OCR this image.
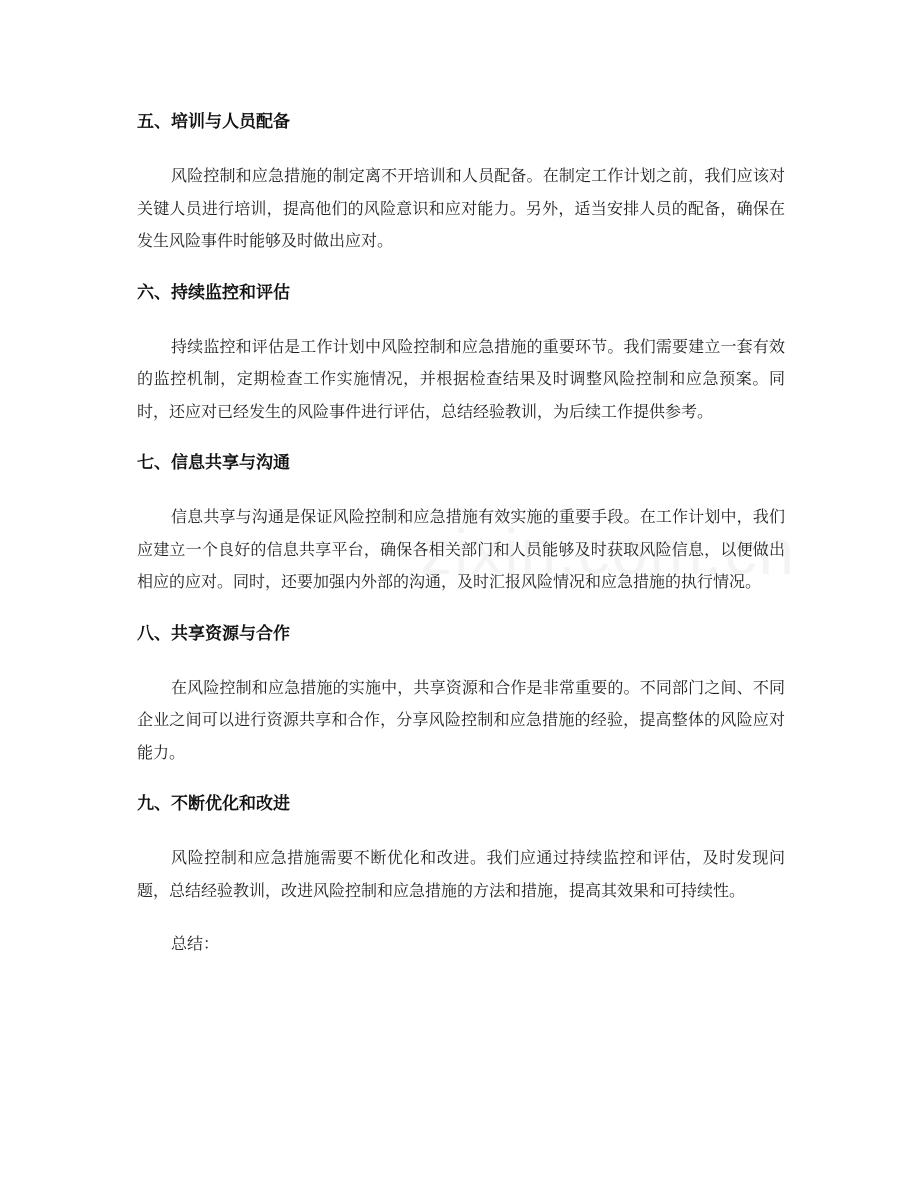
五、培训与人员配备

风险控制和应急措施的制定离不开培训和人员配备。在制定工作计划之前，我们应该对关键人员进行培训，提高他们的风险意识和应对能力。另外，适当安排人员的配备，确保在发生风险事件时能够及时做出应对。

六、持续监控和评估

持续监控和评估是工作计划中风险控制和应急措施的重要环节。我们需要建立一套有效的监控机制，定期检查工作实施情况，并根据检查结果及时调整风险控制和应急预案。同时，还应对已经发生的风险事件进行评估，总结经验教训，为后续工作提供参考。

七、信息共享与沟通

信息共享与沟通是保证风险控制和应急措施有效实施的重要手段。在工作计划中，我们应建立一个良好的信息共享平台，确保各相关部门和人员能够及时获取风险信息，以便做出相应的应对。同时，还要加强内外部的沟通，及时汇报风险情况和应急措施的执行情况。

八、共享资源与合作

在风险控制和应急措施的实施中，共享资源和合作是非常重要的。不同部门之间、不同企业之间可以进行资源共享和合作，分享风险控制和应急措施的经验，提高整体的风险应对能力。

九、不断优化和改进

风险控制和应急措施需要不断优化和改进。我们应通过持续监控和评估，及时发现问题，总结经验教训，改进风险控制和应急措施的方法和措施，提高其效果和可持续性。

总结：
